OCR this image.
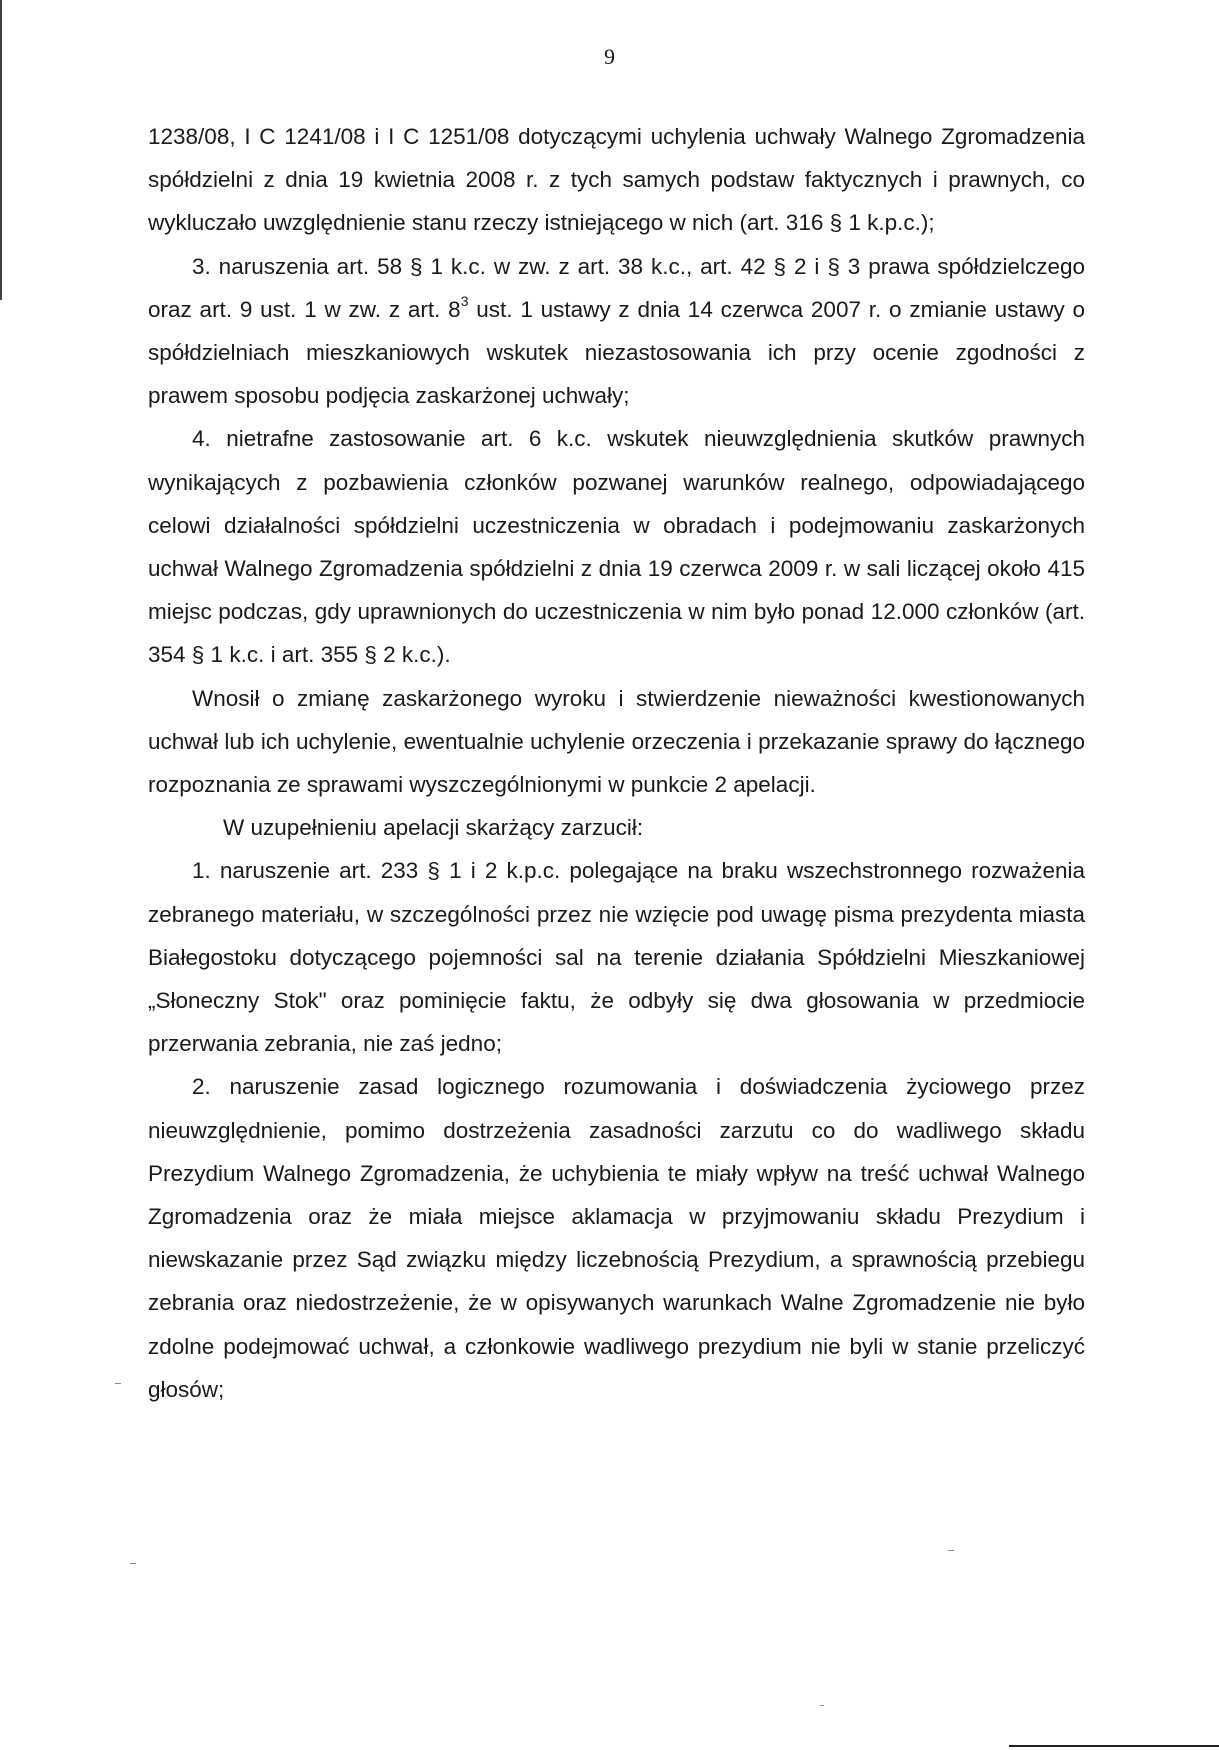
9

1238/08, I C 1241/08 i I C 1251/08 dotyczącymi uchylenia uchwały Walnego Zgromadzenia spółdzielni z dnia 19 kwietnia 2008 r. z tych samych podstaw faktycznych i prawnych, co wykluczało uwzględnienie stanu rzeczy istniejącego w nich (art. 316 § 1 k.p.c.);

3. naruszenia art. 58 § 1 k.c. w zw. z art. 38 k.c., art. 42 § 2 i § 3 prawa spółdzielczego oraz art. 9 ust. 1 w zw. z art. $8^3$ ust. 1 ustawy z dnia 14 czerwca 2007 r. o zmianie ustawy o spółdzielniach mieszkaniowych wskutek niezastosowania ich przy ocenie zgodności z prawem sposobu podjęcia zaskarżonej uchwały;

4. nietrafne zastosowanie art. 6 k.c. wskutek nieuwzględnienia skutków prawnych wynikających z pozbawienia członków pozwanej warunków realnego, odpowiadającego celowi działalności spółdzielni uczestniczenia w obradach i podejmowaniu zaskarżonych uchwał Walnego Zgromadzenia spółdzielni z dnia 19 czerwca 2009 r. w sali liczącej około 415 miejsc podczas, gdy uprawnionych do uczestniczenia w nim było ponad 12.000 członków (art. 354 § 1 k.c. i art. 355 § 2 k.c.).

Wnosił o zmianę zaskarżonego wyroku i stwierdzenie nieważności kwestionowanych uchwał lub ich uchylenie, ewentualnie uchylenie orzeczenia i przekazanie sprawy do łącznego rozpoznania ze sprawami wyszczególnionymi w punkcie 2 apelacji.

W uzupełnieniu apelacji skarżący zarzucił:

1. naruszenie art. 233 § 1 i 2 k.p.c. polegające na braku wszechstronnego rozważenia zebranego materiału, w szczególności przez nie wzięcie pod uwagę pisma prezydenta miasta Białegostoku dotyczącego pojemności sal na terenie działania Spółdzielni Mieszkaniowej „Słoneczny Stok" oraz pominięcie faktu, że odbyły się dwa głosowania w przedmiocie przerwania zebrania, nie zaś jedno;

2. naruszenie zasad logicznego rozumowania i doświadczenia życiowego przez nieuwzględnienie, pomimo dostrzeżenia zasadności zarzutu co do wadliwego składu Prezydium Walnego Zgromadzenia, że uchybienia te miały wpływ na treść uchwał Walnego Zgromadzenia oraz że miała miejsce aklamacja w przyjmowaniu składu Prezydium i niewskazanie przez Sąd związku między liczebnością Prezydium, a sprawnością przebiegu zebrania oraz niedostrzeżenie, że w opisywanych warunkach Walne Zgromadzenie nie było zdolne podejmować uchwał, a członkowie wadliwego prezydium nie byli w stanie przeliczyć głosów;
